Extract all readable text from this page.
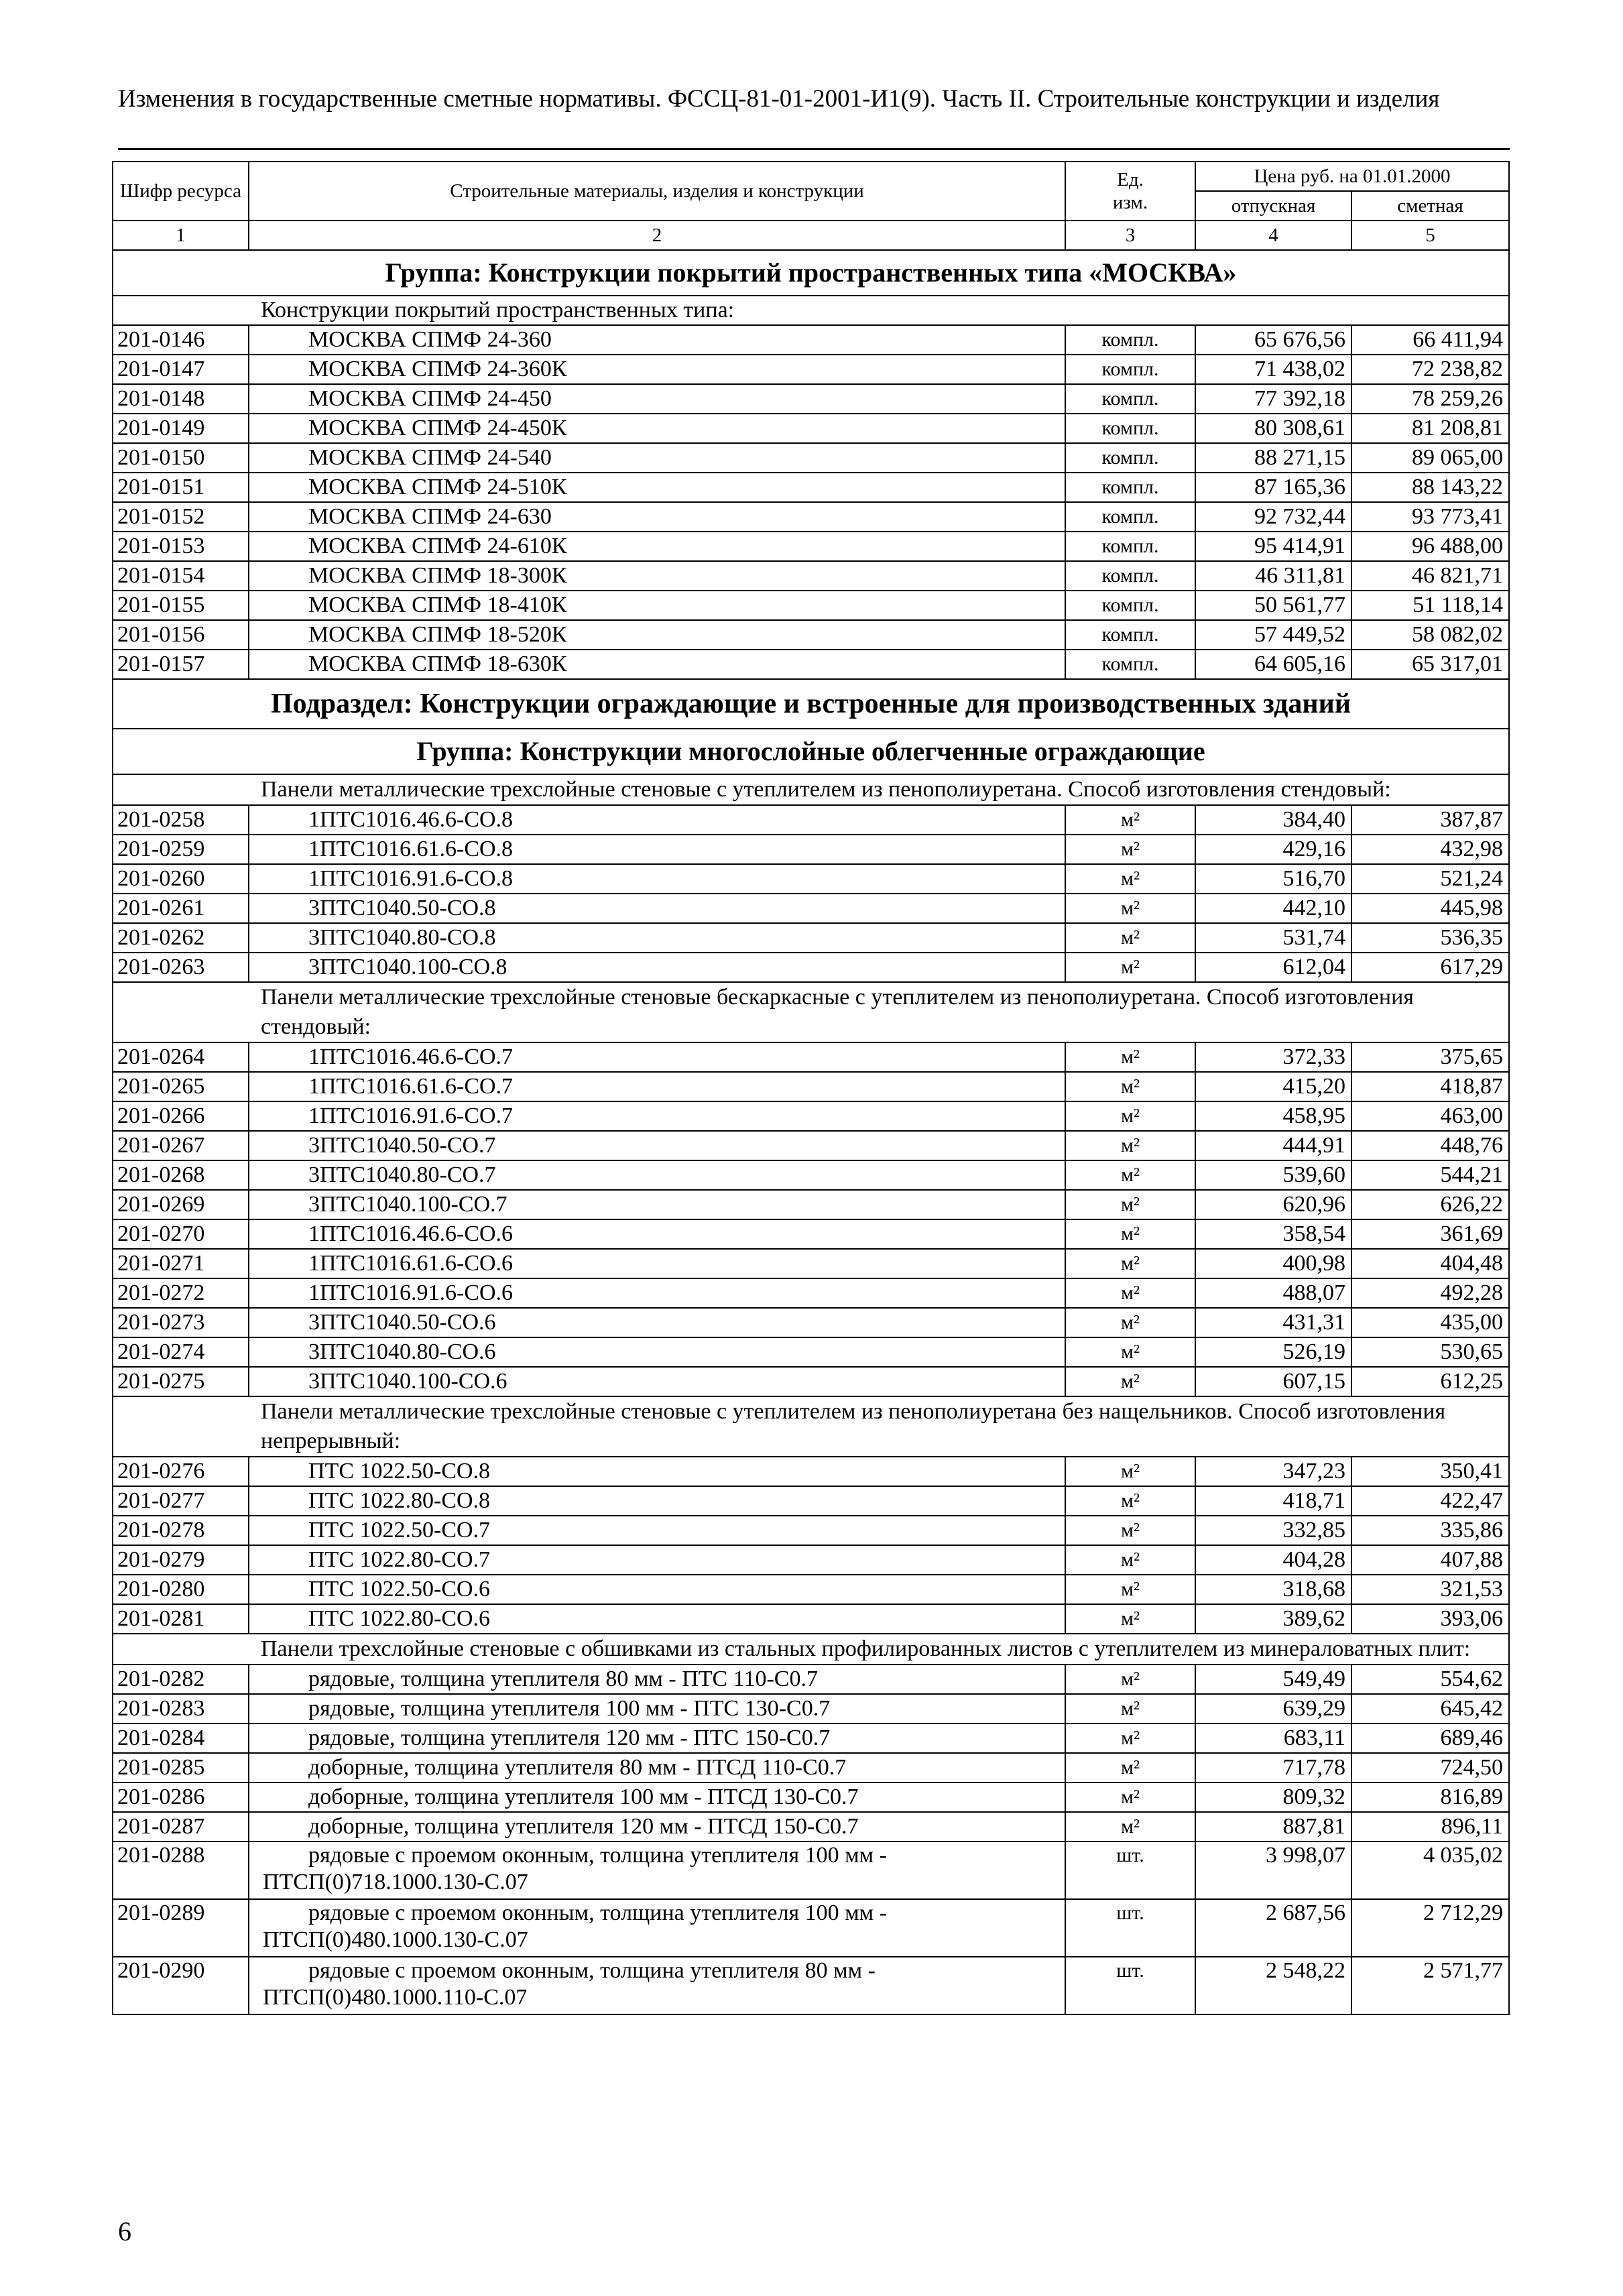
Изменения в государственные сметные нормативы. ФССЦ-81-01-2001-И1(9). Часть II. Строительные конструкции и изделия
Шифр ресурса	Строительные материалы, изделия и конструкции	Ед. изм.	Цена руб. на 01.01.2000	
			отпускная	сметная
1	2	3	4	5
Группа: Конструкции покрытий пространственных типа «МОСКВА»				
Конструкции покрытий пространственных типа:				
201-0146	МОСКВА СПМФ 24-360	компл.	65 676,56	66 411,94
201-0147	МОСКВА СПМФ 24-360К	компл.	71 438,02	72 238,82
201-0148	МОСКВА СПМФ 24-450	компл.	77 392,18	78 259,26
201-0149	МОСКВА СПМФ 24-450К	компл.	80 308,61	81 208,81
201-0150	МОСКВА СПМФ 24-540	компл.	88 271,15	89 065,00
201-0151	МОСКВА СПМФ 24-510К	компл.	87 165,36	88 143,22
201-0152	МОСКВА СПМФ 24-630	компл.	92 732,44	93 773,41
201-0153	МОСКВА СПМФ 24-610К	компл.	95 414,91	96 488,00
201-0154	МОСКВА СПМФ 18-300К	компл.	46 311,81	46 821,71
201-0155	МОСКВА СПМФ 18-410К	компл.	50 561,77	51 118,14
201-0156	МОСКВА СПМФ 18-520К	компл.	57 449,52	58 082,02
201-0157	МОСКВА СПМФ 18-630К	компл.	64 605,16	65 317,01
Подраздел: Конструкции ограждающие и встроенные для производственных зданий				
Группа: Конструкции многослойные облегченные ограждающие				
Панели металлические трехслойные стеновые с утеплителем из пенополиуретана. Способ изготовления стендовый:				
201-0258	1ПТС1016.46.6-СО.8	м²	384,40	387,87
201-0259	1ПТС1016.61.6-СО.8	м²	429,16	432,98
201-0260	1ПТС1016.91.6-СО.8	м²	516,70	521,24
201-0261	3ПТС1040.50-СО.8	м²	442,10	445,98
201-0262	3ПТС1040.80-СО.8	м²	531,74	536,35
201-0263	3ПТС1040.100-СО.8	м²	612,04	617,29
Панели металлические трехслойные стеновые бескаркасные с утеплителем из пенополиуретана. Способ изготовления стендовый:				
201-0264	1ПТС1016.46.6-СО.7	м²	372,33	375,65
201-0265	1ПТС1016.61.6-СО.7	м²	415,20	418,87
201-0266	1ПТС1016.91.6-СО.7	м²	458,95	463,00
201-0267	3ПТС1040.50-СО.7	м²	444,91	448,76
201-0268	3ПТС1040.80-СО.7	м²	539,60	544,21
201-0269	3ПТС1040.100-СО.7	м²	620,96	626,22
201-0270	1ПТС1016.46.6-СО.6	м²	358,54	361,69
201-0271	1ПТС1016.61.6-СО.6	м²	400,98	404,48
201-0272	1ПТС1016.91.6-СО.6	м²	488,07	492,28
201-0273	3ПТС1040.50-СО.6	м²	431,31	435,00
201-0274	3ПТС1040.80-СО.6	м²	526,19	530,65
201-0275	3ПТС1040.100-СО.6	м²	607,15	612,25
Панели металлические трехслойные стеновые с утеплителем из пенополиуретана без нащельников. Способ изготовления непрерывный:				
201-0276	ПТС 1022.50-СО.8	м²	347,23	350,41
201-0277	ПТС 1022.80-СО.8	м²	418,71	422,47
201-0278	ПТС 1022.50-СО.7	м²	332,85	335,86
201-0279	ПТС 1022.80-СО.7	м²	404,28	407,88
201-0280	ПТС 1022.50-СО.6	м²	318,68	321,53
201-0281	ПТС 1022.80-СО.6	м²	389,62	393,06
Панели трехслойные стеновые с обшивками из стальных профилированных листов с утеплителем из минераловатных плит:				
201-0282	рядовые, толщина утеплителя 80 мм - ПТС 110-С0.7	м²	549,49	554,62
201-0283	рядовые, толщина утеплителя 100 мм - ПТС 130-С0.7	м²	639,29	645,42
201-0284	рядовые, толщина утеплителя 120 мм - ПТС 150-С0.7	м²	683,11	689,46
201-0285	доборные, толщина утеплителя 80 мм - ПТСД 110-С0.7	м²	717,78	724,50
201-0286	доборные, толщина утеплителя 100 мм - ПТСД 130-С0.7	м²	809,32	816,89
201-0287	доборные, толщина утеплителя 120 мм - ПТСД 150-С0.7	м²	887,81	896,11
201-0288	рядовые с проемом оконным, толщина утеплителя 100 мм - ПТСП(0)718.1000.130-С.07	шт.	3 998,07	4 035,02
201-0289	рядовые с проемом оконным, толщина утеплителя 100 мм - ПТСП(0)480.1000.130-С.07	шт.	2 687,56	2 712,29
201-0290	рядовые с проемом оконным, толщина утеплителя 80 мм - ПТСП(0)480.1000.110-С.07	шт.	2 548,22	2 571,77
6
